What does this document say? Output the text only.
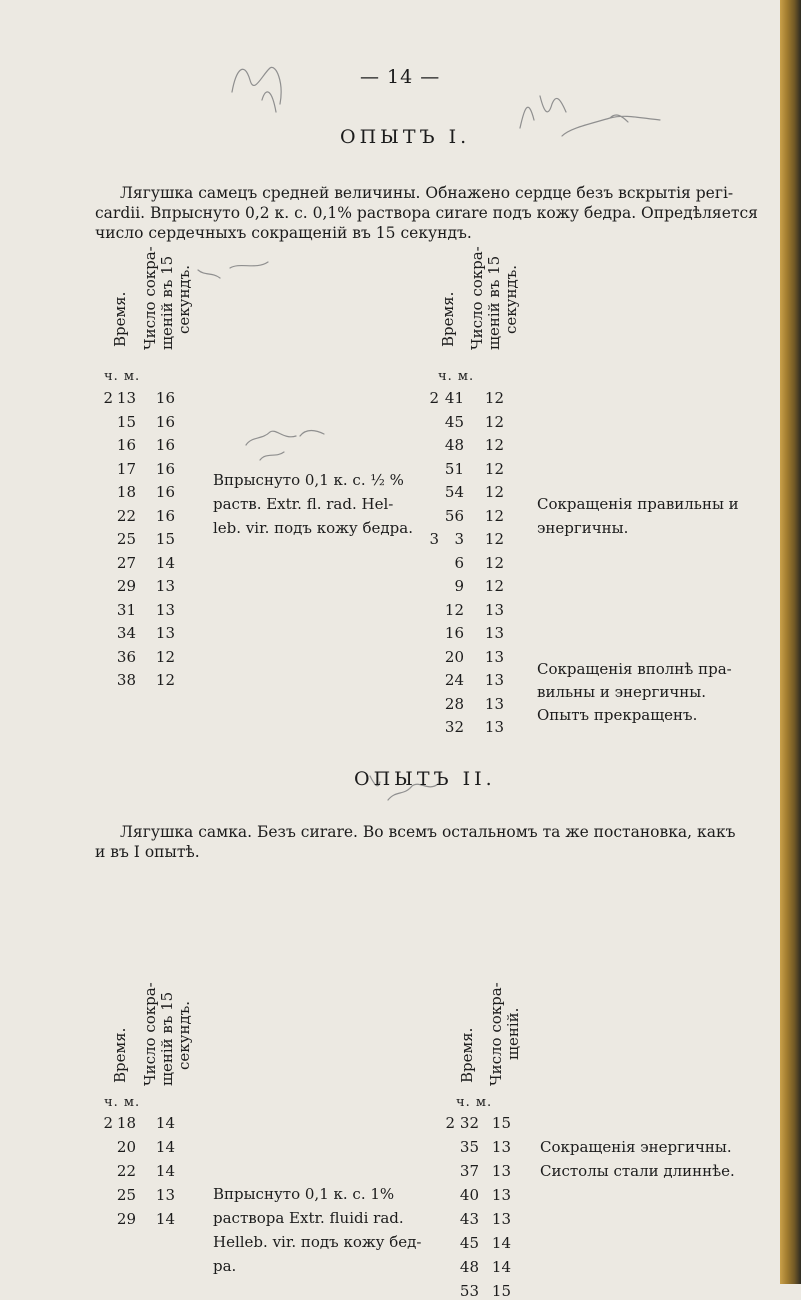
— 14 —
ОПЫТЪ I.
Лягушка самецъ средней величины. Обнажено сердце безъ вскрытія регі-
саrdii. Впрыснуто 0,2 к. с. 0,1% раствора сиrare подъ кожу бедра. Опредѣляется
число сердечныхъ сокращеній въ 15 секундъ.
Время. Число сокра- щеній въ 15 секундъ.	Время. Число сокра- щеній въ 15 секундъ.
ч. м.	ч. м.
2 13 16
15 16
16 16
17 16
18 16
22 16
25 15
27 14
29 13
31 13
34 13
36 12
38 12
2 41 12
45 12
48 12
51 12
54 12
56 12
3	3 12
6 12
9 12
12 13
16 13
20 13
24 13
28 13
32 13
Впрыснуто 0,1 к. с. ½ %
раств. Extr. fl. rad. Hel-
leb. vir. подъ кожу бедра.
Сокращенія правильны и
энергичны.
Сокращенія вполнѣ пра-
вильны и энергичны.
Опытъ прекращенъ.
ОПЫТЪ II.
Лягушка самка. Безъ сиrare. Во всемъ остальномъ та же постановка, какъ
и въ I опытѣ.
Время. Число сокра- щеній въ 15 секундъ.	Время. Число сокра- щеній.
ч. м.	ч. м.
2 18 14
20 14
22 14
25 13
29 14
2 32 15
35 13
37 13
40 13
43 13
45 14
48 14
53 15
Впрыснуто 0,1 к. с. 1%
раствора Extr. fluidi rad.
Helleb. vir. подъ кожу бед-
ра.
Сокращенія энергичны.
Систолы стали длиннѣе.
